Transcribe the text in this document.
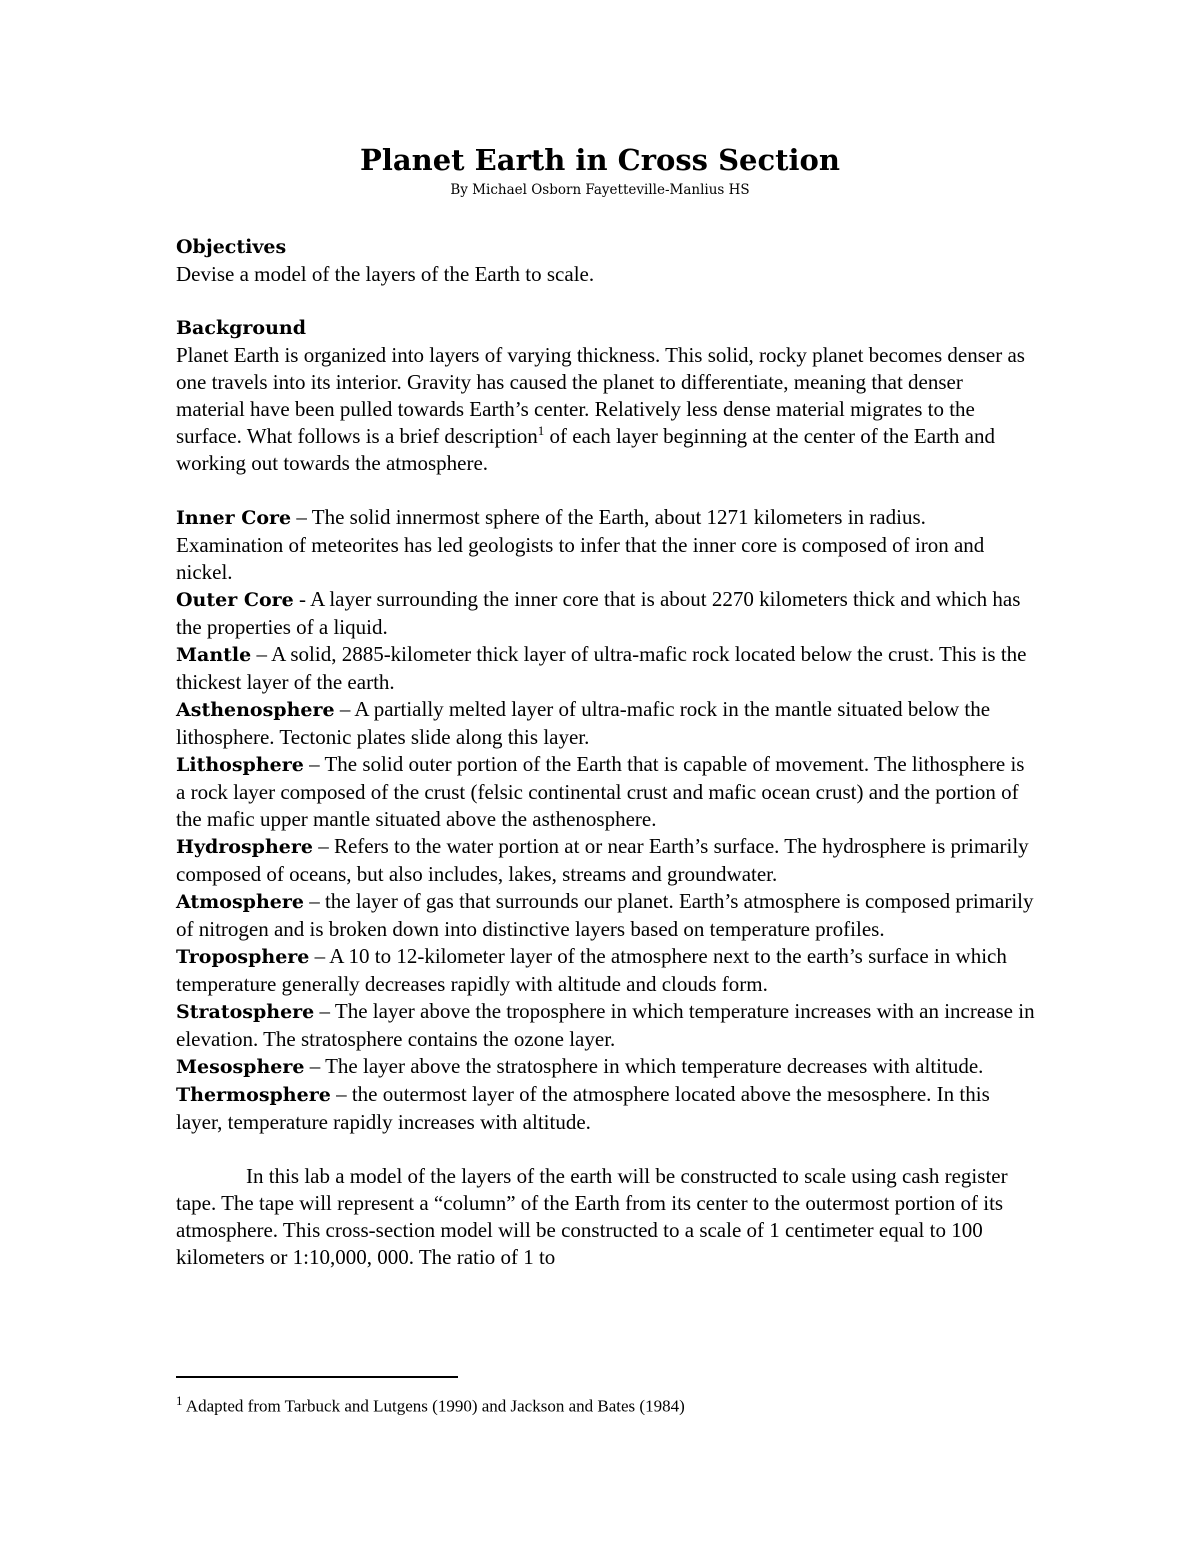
Planet Earth in Cross Section

By Michael Osborn Fayetteville-Manlius HS

Objectives

Devise a model of the layers of the Earth to scale.

Background

Planet Earth is organized into layers of varying thickness. This solid, rocky planet becomes denser as one travels into its interior. Gravity has caused the planet to differentiate, meaning that denser material have been pulled towards Earth’s center. Relatively less dense material migrates to the surface. What follows is a brief description$^1$ of each layer beginning at the center of the Earth and working out towards the atmosphere.

Inner Core – The solid innermost sphere of the Earth, about 1271 kilometers in radius. Examination of meteorites has led geologists to infer that the inner core is composed of iron and nickel.

Outer Core - A layer surrounding the inner core that is about 2270 kilometers thick and which has the properties of a liquid.

Mantle – A solid, 2885-kilometer thick layer of ultra-mafic rock located below the crust. This is the thickest layer of the earth.

Asthenosphere – A partially melted layer of ultra-mafic rock in the mantle situated below the lithosphere. Tectonic plates slide along this layer.

Lithosphere – The solid outer portion of the Earth that is capable of movement. The lithosphere is a rock layer composed of the crust (felsic continental crust and mafic ocean crust) and the portion of the mafic upper mantle situated above the asthenosphere.

Hydrosphere – Refers to the water portion at or near Earth’s surface. The hydrosphere is primarily composed of oceans, but also includes, lakes, streams and groundwater.

Atmosphere – the layer of gas that surrounds our planet. Earth’s atmosphere is composed primarily of nitrogen and is broken down into distinctive layers based on temperature profiles.

Troposphere – A 10 to 12-kilometer layer of the atmosphere next to the earth’s surface in which temperature generally decreases rapidly with altitude and clouds form.

Stratosphere – The layer above the troposphere in which temperature increases with an increase in elevation. The stratosphere contains the ozone layer.

Mesosphere – The layer above the stratosphere in which temperature decreases with altitude.

Thermosphere – the outermost layer of the atmosphere located above the mesosphere. In this layer, temperature rapidly increases with altitude.

In this lab a model of the layers of the earth will be constructed to scale using cash register tape. The tape will represent a “column” of the Earth from its center to the outermost portion of its atmosphere. This cross-section model will be constructed to a scale of 1 centimeter equal to 100 kilometers or 1:10,000, 000. The ratio of 1 to

$^1$ Adapted from Tarbuck and Lutgens (1990) and Jackson and Bates (1984)
